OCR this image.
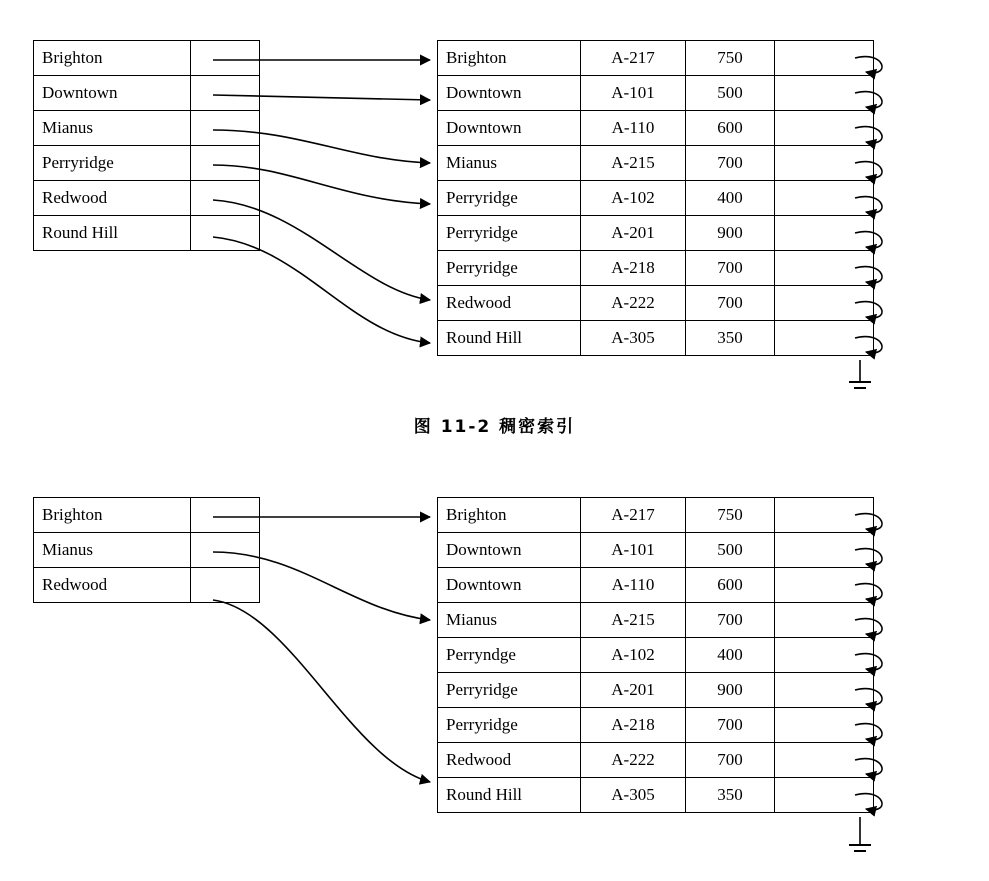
Brighton	
Downtown	
Mianus	
Perryridge	
Redwood	
Round Hill	
Brighton	A-217	750	
Downtown	A-101	500	
Downtown	A-110	600	
Mianus	A-215	700	
Perryridge	A-102	400	
Perryridge	A-201	900	
Perryridge	A-218	700	
Redwood	A-222	700	
Round Hill	A-305	350	
图 11-2 稠密索引
Brighton	
Mianus	
Redwood	
Brighton	A-217	750	
Downtown	A-101	500	
Downtown	A-110	600	
Mianus	A-215	700	
Perryndge	A-102	400	
Perryridge	A-201	900	
Perryridge	A-218	700	
Redwood	A-222	700	
Round Hill	A-305	350	
